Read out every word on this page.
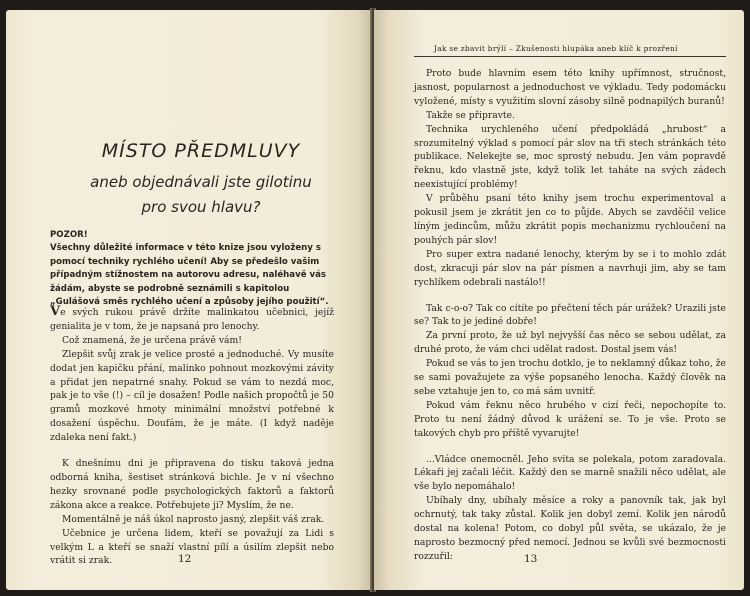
MÍSTO PŘEDMLUVY
aneb objednávali jste gilotinu
pro svou hlavu?
POZOR!
Všechny důležité informace v této knize jsou vyloženy s pomocí techniky rychlého učení! Aby se předešlo vašim případným stížnostem na autorovu adresu, naléhavě vás žádám, abyste se podrobně seznámili s kapitolou „Gulášová směs rychlého učení a způsoby jejího použití“.

Ve svých rukou právě držíte malinkatou učebnici, jejíž genialita je v tom, že je napsaná pro lenochy.

Což znamená, že je určena právě vám!

Zlepšit svůj zrak je velice prosté a jednoduché. Vy musíte dodat jen kapičku přání, malinko pohnout mozkovými závity a přidat jen nepatrné snahy. Pokud se vám to nezdá moc, pak je to vše (!) – cíl je dosažen! Podle našich propočtů je 50 gramů mozkové hmoty minimální množství potřebné k dosažení úspěchu. Doufám, že je máte. (I když naděje zdaleka není fakt.)

K dnešnímu dni je připravena do tisku taková jedna odborná kniha, šestiset stránková bichle. Je v ní všechno hezky srovnané podle psychologických faktorů a faktorů zákona akce a reakce. Potřebujete ji? Myslím, že ne.

Momentálně je náš úkol naprosto jasný, zlepšit váš zrak.

Učebnice je určena lidem, kteří se považují za Lidi s velkým L a kteří se snaží vlastní pílí a úsilím zlepšit nebo vrátit si zrak.	12
Jak se zbavit brýlí – Zkušenosti hlupáka aneb klíč k prozření

Proto bude hlavním esem této knihy upřímnost, stručnost, jasnost, popularnost a jednoduchost ve výkladu. Tedy podomácku vyložené, místy s využitím slovní zásoby silně podnapilých buranů!

Takže se připravte.

Technika urychleného učení předpokládá „hrubost“ a srozumitelný výklad s pomocí pár slov na tři stech stránkách této publikace. Nelekejte se, moc sprostý nebudu. Jen vám popravdě řeknu, kdo vlastně jste, když tolik let taháte na svých zádech neexistující problémy!

V průběhu psaní této knihy jsem trochu experimentoval a pokusil jsem je zkrátit jen co to půjde. Abych se zavděčil velice líným jedincům, můžu zkrátit popis mechanizmu rychloučení na pouhých pár slov!

Pro super extra nadané lenochy, kterým by se i to mohlo zdát dost, zkracuji pár slov na pár písmen a navrhuji jim, aby se tam rychlíkem odebrali nastálo!!

Tak c-o-o? Tak co cítíte po přečtení těch pár urážek? Urazili jste se? Tak to je jediné dobře!

Za první proto, že už byl nejvyšší čas něco se sebou udělat, za druhé proto, že vám chci udělat radost. Dostal jsem vás!

Pokud se vás to jen trochu dotklo, je to neklamný důkaz toho, že se sami považujete za výše popsaného lenocha. Každý člověk na sebe vztahuje jen to, co má sám uvnitř.

Pokud vám řeknu něco hrubého v cizí řeči, nepochopíte to. Proto tu není žádný důvod k urážení se. To je vše. Proto se takových chyb pro příště vyvarujte!

...Vládce onemocněl. Jeho svita se polekala, potom zaradovala. Lékaři jej začali léčit. Každý den se marně snažili něco udělat, ale vše bylo nepomáhalo!

Ubíhaly dny, ubíhaly měsíce a roky a panovník tak, jak byl ochrnutý, tak taky zůstal. Kolik jen dobyl zemí. Kolik jen národů dostal na kolena! Potom, co dobyl půl světa, se ukázalo, že je naprosto bezmocný před nemocí. Jednou se kvůli své bezmocnosti rozzuřil:	13
